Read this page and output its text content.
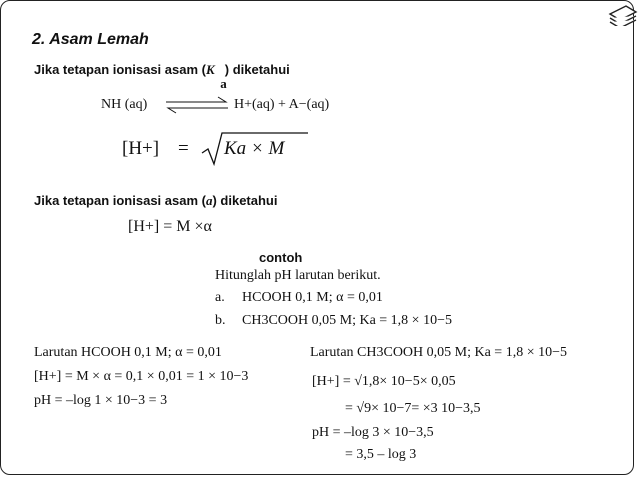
2. Asam Lemah
Jika tetapan ionisasi asam (K a) diketahui
NH (aq)	H+(aq) + A−(aq)
[H+] = Ka × M
Jika tetapan ionisasi asam (a) diketahui
[H+] = M ×α
contoh
Hitunglah pH larutan berikut.
a. HCOOH 0,1 M; α = 0,01
b. CH3COOH 0,05 M; Ka = 1,8 × 10−5
Larutan HCOOH 0,1 M; α = 0,01
[H+] = M × α = 0,1 × 0,01 = 1 × 10−3
pH = –log 1 × 10−3 = 3
Larutan CH3COOH 0,05 M; Ka = 1,8 × 10−5
[H+] = √1,8× 10−5× 0,05
= √9× 10−7= ×3 10−3,5
pH = –log 3 × 10−3,5
= 3,5 – log 3
